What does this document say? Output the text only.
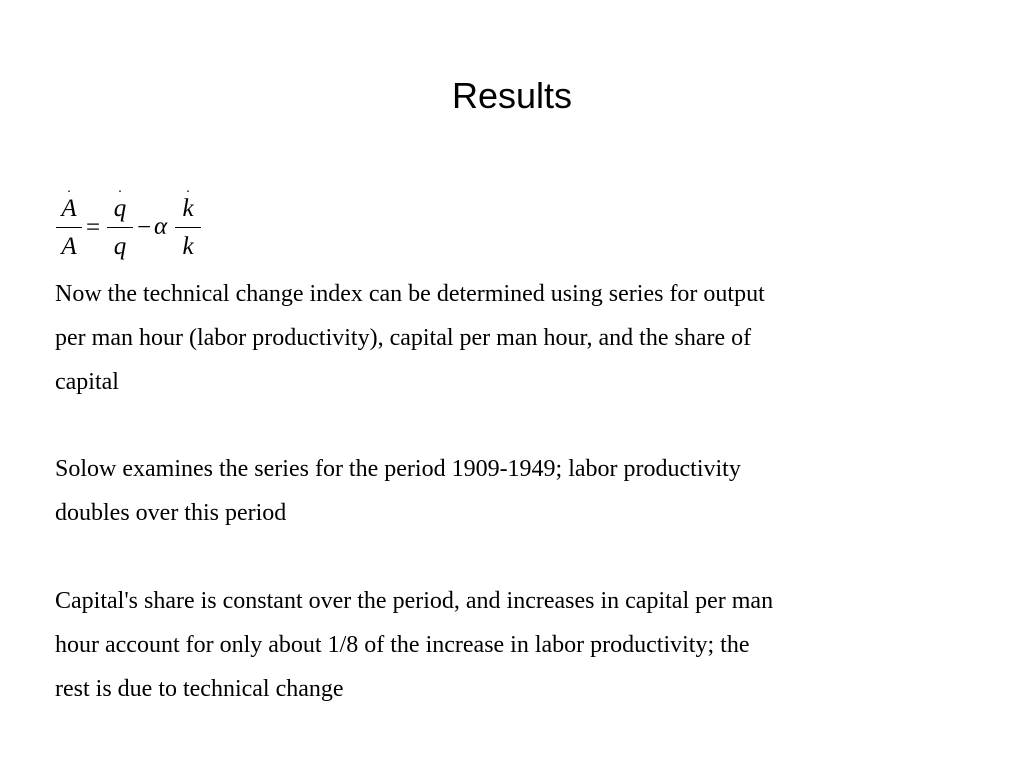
Results
.
A
A
=
.
q
q
− α
.
k
k

Now the technical change index can be determined using series for output
per man hour (labor productivity), capital per man hour, and the share of
capital

Solow examines the series for the period 1909-1949; labor productivity
doubles over this period

Capital's share is constant over the period, and increases in capital per man
hour account for only about 1/8 of the increase in labor productivity; the
rest is due to technical change
